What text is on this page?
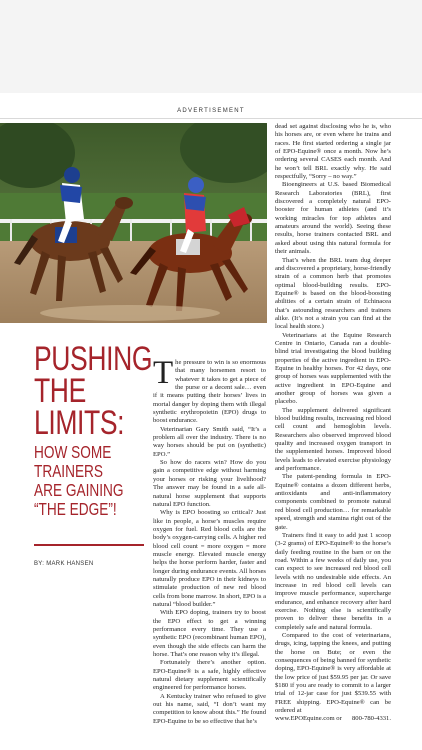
ADVERTISEMENT
PUSHING
THE
LIMITS:
HOW SOME
TRAINERS
ARE GAINING
“THE EDGE”!
BY: MARK HANSEN

The pressure to win is so enormous that many horsemen resort to whatever it takes to get a piece of the purse or a decent sale… even if it means putting their horses’ lives in mortal danger by doping them with illegal synthetic erythropoietin (EPO) drugs to boost endurance.

Veterinarian Gary Smith said, “It’s a problem all over the industry. There is no way horses should be put on (synthetic) EPO.”

So how do racers win? How do you gain a competitive edge without harming your horses or risking your livelihood? The answer may be found in a safe all-natural horse supplement that supports natural EPO function.

Why is EPO boosting so critical? Just like in people, a horse’s muscles require oxygen for fuel. Red blood cells are the body’s oxygen-carrying cells. A higher red blood cell count = more oxygen = more muscle energy. Elevated muscle energy helps the horse perform harder, faster and longer during endurance events. All horses naturally produce EPO in their kidneys to stimulate production of new red blood cells from bone marrow. In short, EPO is a natural “blood builder.”

With EPO doping, trainers try to boost the EPO effect to get a winning performance every time. They use a synthetic EPO (recombinant human EPO), even though the side effects can harm the horse. That’s one reason why it’s illegal.

Fortunately there’s another option. EPO-Equine® is a safe, highly effective natural dietary supplement scientifically engineered for performance horses.

A Kentucky trainer who refused to give out his name, said, “I don’t want my competition to know about this.” He found EPO-Equine to be so effective that he’s

dead set against disclosing who he is, who his horses are, or even where he trains and races. He first started ordering a single jar of EPO-Equine® once a month. Now he’s ordering several CASES each month. And he won’t tell BRL exactly why. He said respectfully, “Sorry – no way.”

Bioengineers at U.S. based Biomedical Research Laboratories (BRL), first discovered a completely natural EPO-booster for human athletes (and it’s working miracles for top athletes and amateurs around the world). Seeing these results, horse trainers contacted BRL and asked about using this natural formula for their animals.

That’s when the BRL team dug deeper and discovered a proprietary, horse-friendly strain of a common herb that promotes optimal blood-building results. EPO-Equine® is based on the blood-boosting abilities of a certain strain of Echinacea that’s astounding researchers and trainers alike. (It’s not a strain you can find at the local health store.)

Veterinarians at the Equine Research Centre in Ontario, Canada ran a double-blind trial investigating the blood building properties of the active ingredient in EPO-Equine in healthy horses. For 42 days, one group of horses was supplemented with the active ingredient in EPO-Equine and another group of horses was given a placebo.

The supplement delivered significant blood building results, increasing red blood cell count and hemoglobin levels. Researchers also observed improved blood quality and increased oxygen transport in the supplemented horses. Improved blood levels leads to elevated exercise physiology and performance.

The patent-pending formula in EPO-Equine® contains a dozen different herbs, antioxidants and anti-inflammatory components combined to promote natural red blood cell production… for remarkable speed, strength and stamina right out of the gate.

Trainers find it easy to add just 1 scoop (3-2 grams) of EPO-Equine® to the horse’s daily feeding routine in the barn or on the road. Within a few weeks of daily use, you can expect to see increased red blood cell levels with no undesirable side effects. An increase in red blood cell levels can improve muscle performance, supercharge endurance, and enhance recovery after hard exercise. Nothing else is scientifically proven to deliver these benefits in a completely safe and natural formula.

Compared to the cost of veterinarians, drugs, icing, tapping the knees, and putting the horse on Bute; or even the consequences of being banned for synthetic doping, EPO-Equine® is very affordable at the low price of just $59.95 per jar. Or save $180 if you are ready to commit to a larger trial of 12-jar case for just $539.55 with FREE shipping. EPO-Equine® can be ordered at

www.EPOEquine.com or 800-780-4331.
